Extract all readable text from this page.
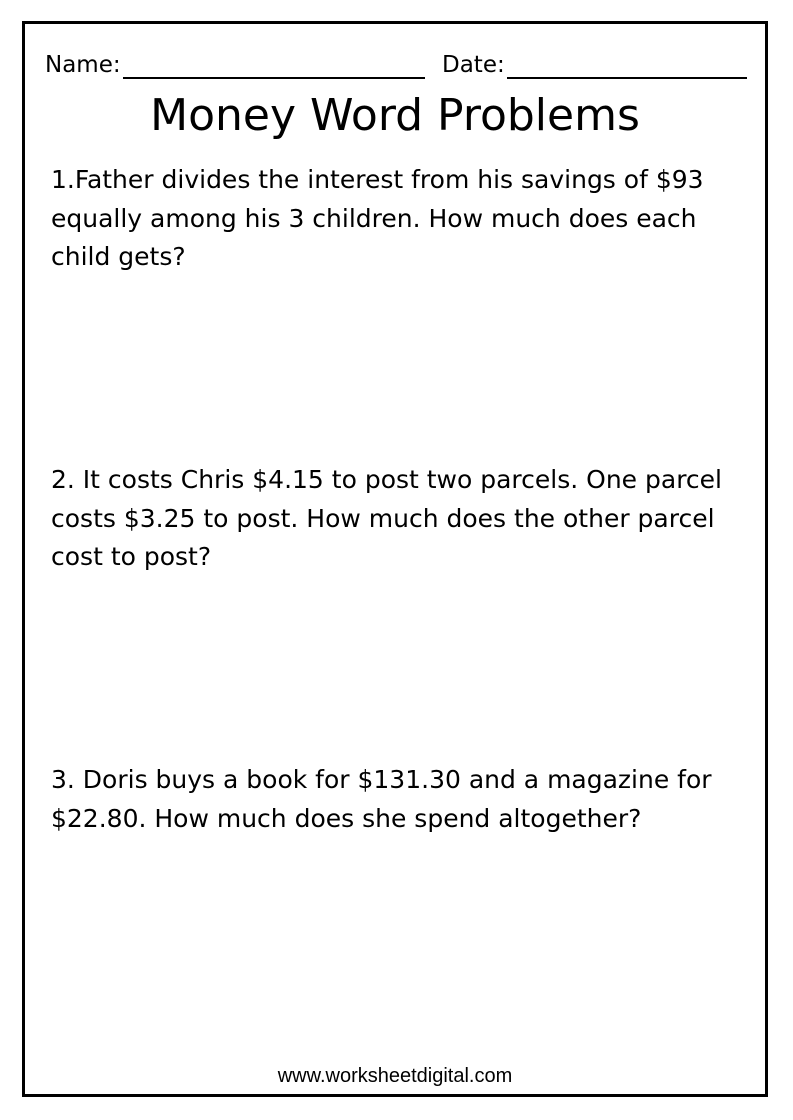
Name:	Date:
Money Word Problems
1.Father divides the interest from his savings of $93 equally among his 3 children. How much does each child gets?
2. It costs Chris $4.15 to post two parcels. One parcel costs $3.25 to post. How much does the other parcel cost to post?
3. Doris buys a book for $131.30 and a magazine for $22.80. How much does she spend altogether?
www.worksheetdigital.com
